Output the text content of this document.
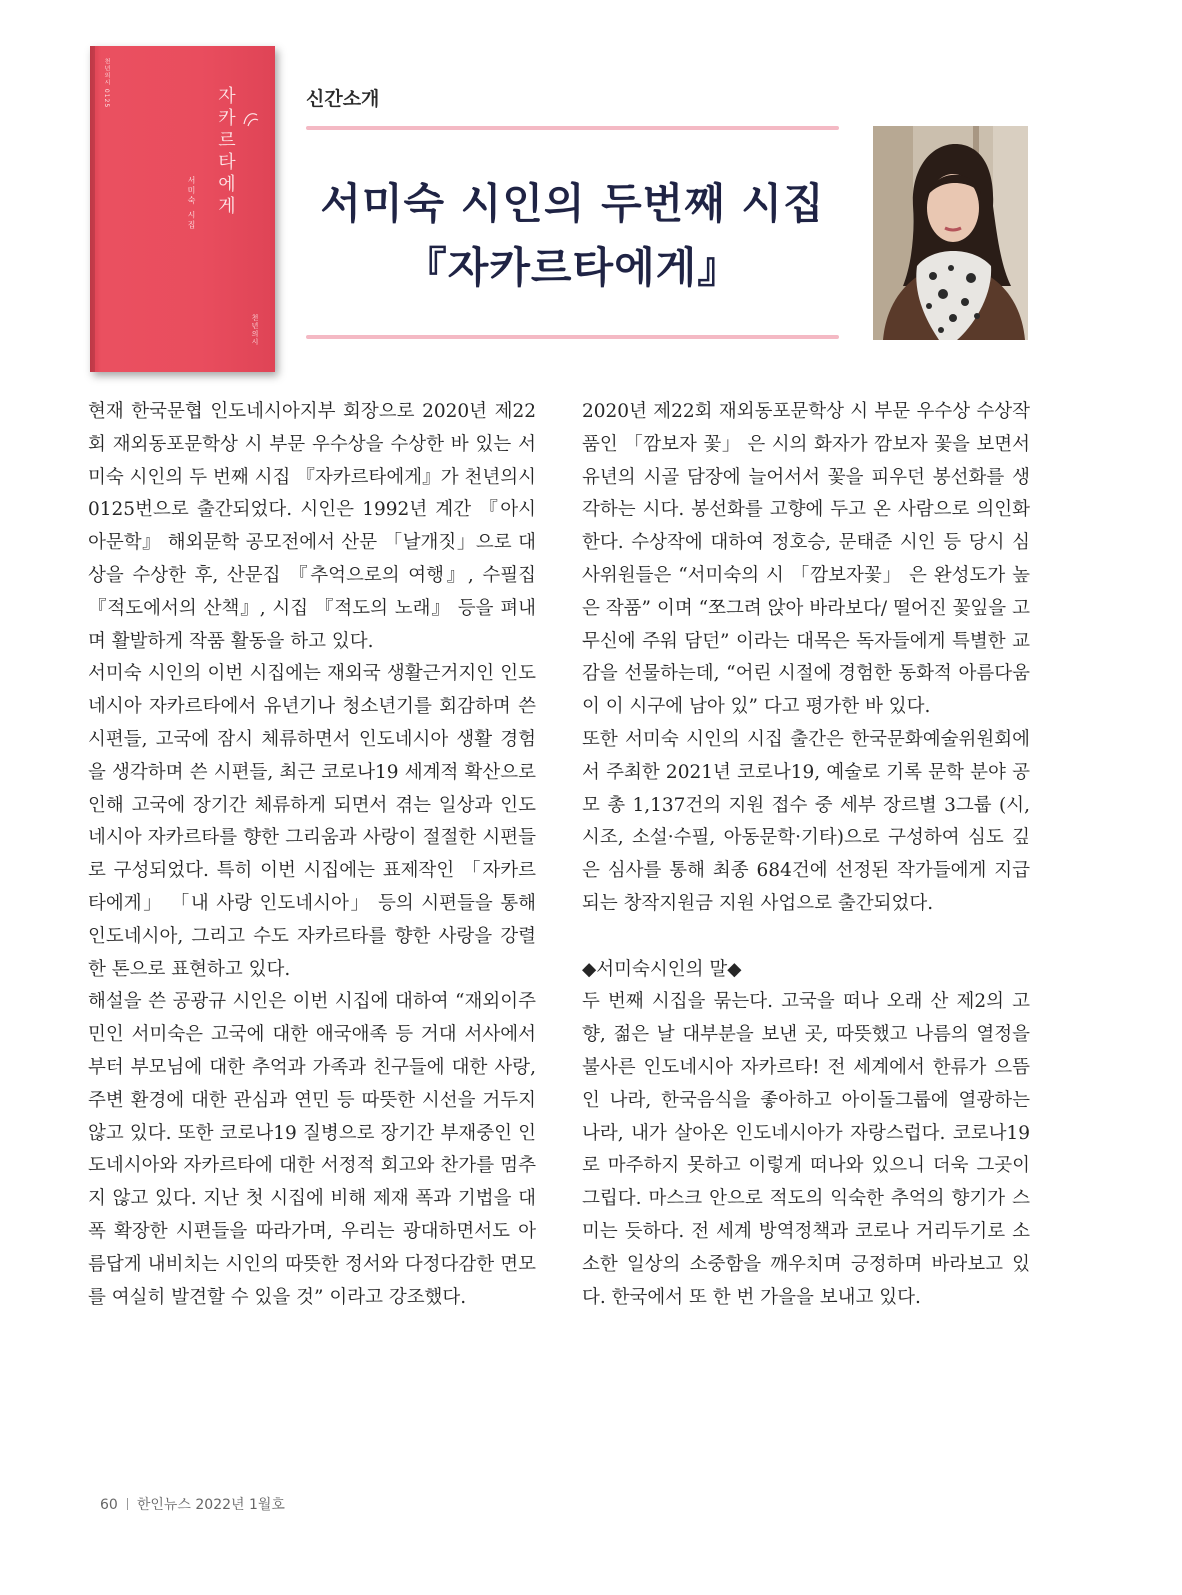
천년의시 0125
자카르타에게
서미숙 시집
천년의시
신간소개
서미숙 시인의 두번째 시집
『자카르타에게』

현재 한국문협 인도네시아지부 회장으로 2020년 제22회 재외동포문학상 시 부문 우수상을 수상한 바 있는 서미숙 시인의 두 번째 시집 『자카르타에게』가 천년의시 0125번으로 출간되었다. 시인은 1992년 계간 『아시아문학』 해외문학 공모전에서 산문 「날개짓」으로 대상을 수상한 후, 산문집 『추억으로의 여행』, 수필집 『적도에서의 산책』, 시집 『적도의 노래』 등을 펴내며 활발하게 작품 활동을 하고 있다.

서미숙 시인의 이번 시집에는 재외국 생활근거지인 인도네시아 자카르타에서 유년기나 청소년기를 회감하며 쓴 시편들, 고국에 잠시 체류하면서 인도네시아 생활 경험을 생각하며 쓴 시편들, 최근 코로나19 세계적 확산으로 인해 고국에 장기간 체류하게 되면서 겪는 일상과 인도네시아 자카르타를 향한 그리움과 사랑이 절절한 시편들로 구성되었다. 특히 이번 시집에는 표제작인 「자카르타에게」 「내 사랑 인도네시아」 등의 시편들을 통해 인도네시아, 그리고 수도 자카르타를 향한 사랑을 강렬한 톤으로 표현하고 있다.

해설을 쓴 공광규 시인은 이번 시집에 대하여 “재외이주민인 서미숙은 고국에 대한 애국애족 등 거대 서사에서부터 부모님에 대한 추억과 가족과 친구들에 대한 사랑, 주변 환경에 대한 관심과 연민 등 따뜻한 시선을 거두지 않고 있다. 또한 코로나19 질병으로 장기간 부재중인 인도네시아와 자카르타에 대한 서정적 회고와 찬가를 멈추지 않고 있다. 지난 첫 시집에 비해 제재 폭과 기법을 대폭 확장한 시편들을 따라가며, 우리는 광대하면서도 아름답게 내비치는 시인의 따뜻한 정서와 다정다감한 면모를 여실히 발견할 수 있을 것” 이라고 강조했다.

2020년 제22회 재외동포문학상 시 부문 우수상 수상작품인 「깜보자 꽃」 은 시의 화자가 깜보자 꽃을 보면서 유년의 시골 담장에 늘어서서 꽃을 피우던 봉선화를 생각하는 시다. 봉선화를 고향에 두고 온 사람으로 의인화한다. 수상작에 대하여 정호승, 문태준 시인 등 당시 심사위원들은 “서미숙의 시 「깜보자꽃」 은 완성도가 높은 작품” 이며 “쪼그려 앉아 바라보다/ 떨어진 꽃잎을 고무신에 주워 담던” 이라는 대목은 독자들에게 특별한 교감을 선물하는데, “어린 시절에 경험한 동화적 아름다움이 이 시구에 남아 있” 다고 평가한 바 있다.

또한 서미숙 시인의 시집 출간은 한국문화예술위원회에서 주최한 2021년 코로나19, 예술로 기록 문학 분야 공모 총 1,137건의 지원 접수 중 세부 장르별 3그룹 (시, 시조, 소설·수필, 아동문학·기타)으로 구성하여 심도 깊은 심사를 통해 최종 684건에 선정된 작가들에게 지급되는 창작지원금 지원 사업으로 출간되었다.

◆서미숙시인의 말◆

두 번째 시집을 묶는다. 고국을 떠나 오래 산 제2의 고향, 젊은 날 대부분을 보낸 곳, 따뜻했고 나름의 열정을 불사른 인도네시아 자카르타! 전 세계에서 한류가 으뜸인 나라, 한국음식을 좋아하고 아이돌그룹에 열광하는 나라, 내가 살아온 인도네시아가 자랑스럽다. 코로나19로 마주하지 못하고 이렇게 떠나와 있으니 더욱 그곳이 그립다. 마스크 안으로 적도의 익숙한 추억의 향기가 스미는 듯하다. 전 세계 방역정책과 코로나 거리두기로 소소한 일상의 소중함을 깨우치며 긍정하며 바라보고 있다. 한국에서 또 한 번 가을을 보내고 있다.

60 한인뉴스 2022년 1월호
